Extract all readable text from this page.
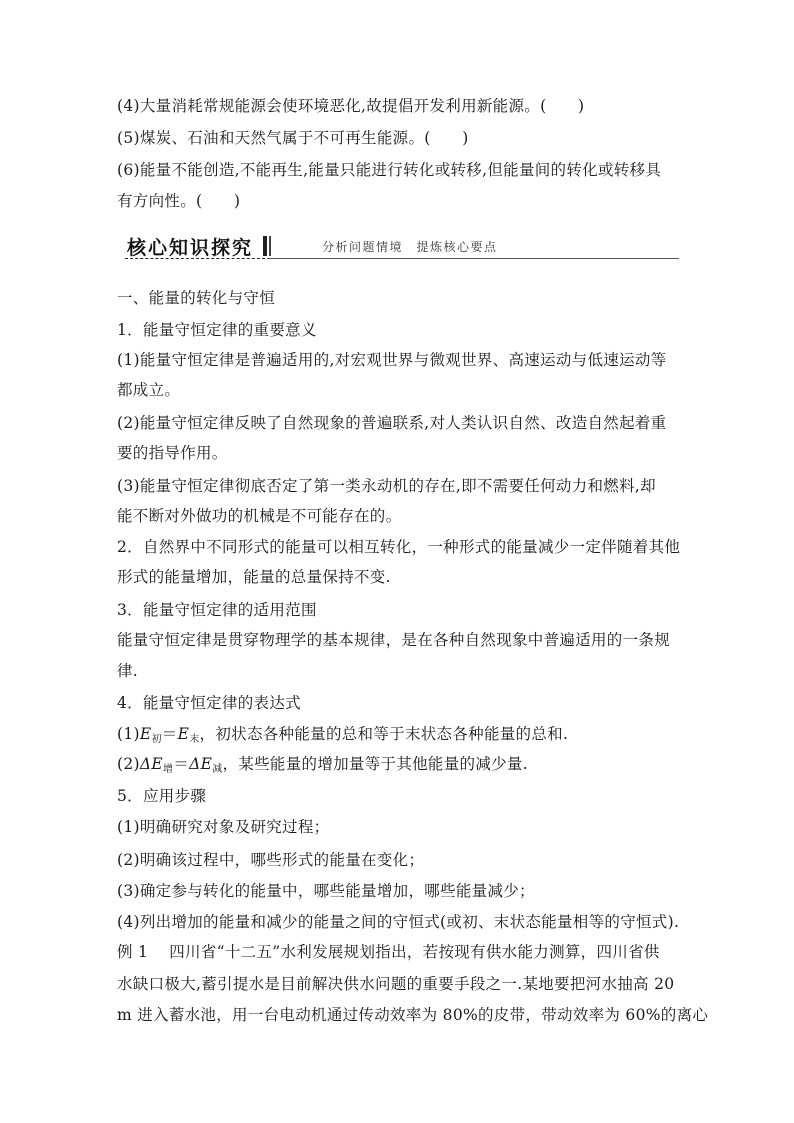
(4)大量消耗常规能源会使环境恶化,故提倡开发利用新能源。(　　)
(5)煤炭、石油和天然气属于不可再生能源。(　　)
(6)能量不能创造,不能再生,能量只能进行转化或转移,但能量间的转化或转移具
有方向性。(　　)
核心知识探究	分析问题情境　提炼核心要点
一、能量的转化与守恒
1．能量守恒定律的重要意义
(1)能量守恒定律是普遍适用的,对宏观世界与微观世界、高速运动与低速运动等
都成立。
(2)能量守恒定律反映了自然现象的普遍联系,对人类认识自然、改造自然起着重
要的指导作用。
(3)能量守恒定律彻底否定了第一类永动机的存在,即不需要任何动力和燃料,却
能不断对外做功的机械是不可能存在的。
2．自然界中不同形式的能量可以相互转化，一种形式的能量减少一定伴随着其他
形式的能量增加，能量的总量保持不变.
3．能量守恒定律的适用范围
能量守恒定律是贯穿物理学的基本规律，是在各种自然现象中普遍适用的一条规
律.
4．能量守恒定律的表达式
$(1)E_初=E_末$，初状态各种能量的总和等于末状态各种能量的总和.
$(2)\Delta E_增=\Delta E_减$，某些能量的增加量等于其他能量的减少量.
5．应用步骤
(1)明确研究对象及研究过程；
(2)明确该过程中，哪些形式的能量在变化；
(3)确定参与转化的能量中，哪些能量增加，哪些能量减少；
(4)列出增加的能量和减少的能量之间的守恒式(或初、末状态能量相等的守恒式).
例 1　 四川省“十二五”水利发展规划指出，若按现有供水能力测算，四川省供
水缺口极大,蓄引提水是目前解决供水问题的重要手段之一.某地要把河水抽高 20
m 进入蓄水池，用一台电动机通过传动效率为 80%的皮带，带动效率为 60%的离心
